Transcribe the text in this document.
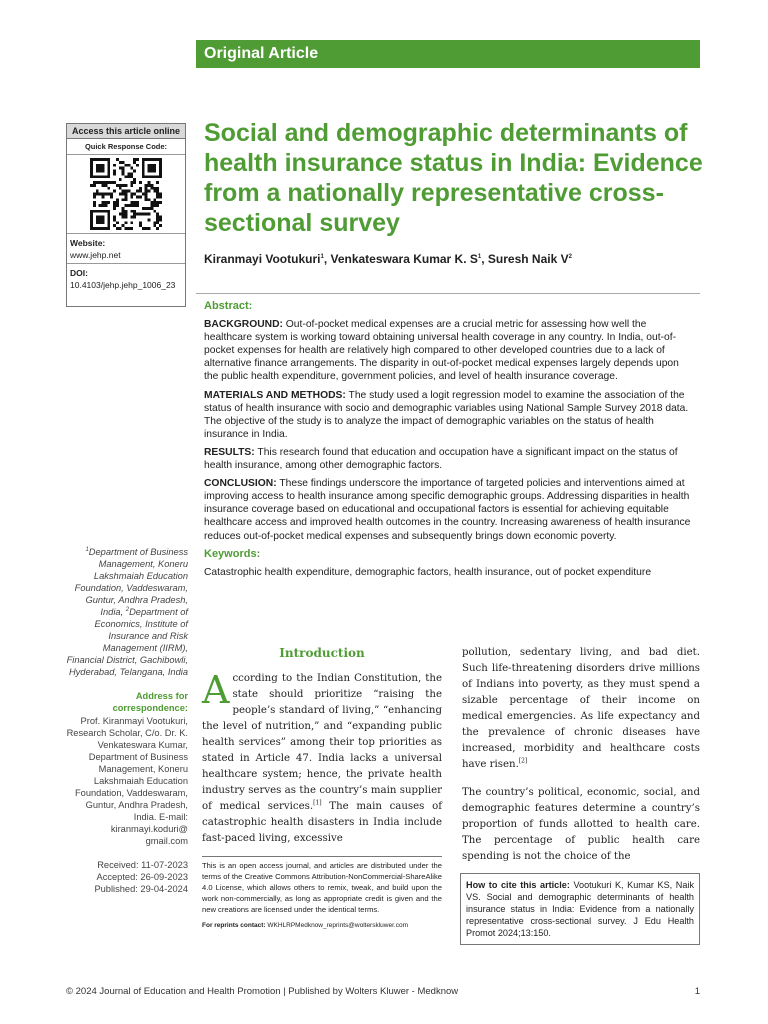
Original Article
Access this article online
Quick Response Code:
Website:
www.jehp.net
DOI:
10.4103/jehp.jehp_1006_23
Social and demographic determinants of health insurance status in India: Evidence from a nationally representative cross-sectional survey
Kiranmayi Vootukuri$^1$, Venkateswara Kumar K. $S^1$, Suresh Naik $V^2$
Abstract:

BACKGROUND: Out-of-pocket medical expenses are a crucial metric for assessing how well the healthcare system is working toward obtaining universal health coverage in any country. In India, out-of-pocket expenses for health are relatively high compared to other developed countries due to a lack of alternative finance arrangements. The disparity in out-of-pocket medical expenses largely depends upon the public health expenditure, government policies, and level of health insurance coverage.

MATERIALS AND METHODS: The study used a logit regression model to examine the association of the status of health insurance with socio and demographic variables using National Sample Survey 2018 data. The objective of the study is to analyze the impact of demographic variables on the status of health insurance in India.

RESULTS: This research found that education and occupation have a significant impact on the status of health insurance, among other demographic factors.

CONCLUSION: These findings underscore the importance of targeted policies and interventions aimed at improving access to health insurance among specific demographic groups. Addressing disparities in health insurance coverage based on educational and occupational factors is essential for achieving equitable healthcare access and improved health outcomes in the country. Increasing awareness of health insurance reduces out-of-pocket medical expenses and subsequently brings down economic poverty.

Keywords:

Catastrophic health expenditure, demographic factors, health insurance, out of pocket expenditure

$^1$Department of Business Management, Koneru Lakshmaiah Education Foundation, Vaddeswaram, Guntur, Andhra Pradesh, India, $^2$Department of Economics, Institute of Insurance and Risk Management (IIRM), Financial District, Gachibowli, Hyderabad, Telangana, India
Address for correspondence:
Prof. Kiranmayi Vootukuri, Research Scholar, C/o. Dr. K. Venkateswara Kumar, Department of Business Management, Koneru Lakshmaiah Education Foundation, Vaddeswaram, Guntur, Andhra Pradesh, India. E-mail: kiranmayi.koduri@ gmail.com
Received: 11-07-2023
Accepted: 26-09-2023
Published: 29-04-2024
Introduction

According to the Indian Constitution, the state should prioritize “raising the people’s standard of living,” “enhancing the level of nutrition,” and “expanding public health services” among their top priorities as stated in Article 47. India lacks a universal healthcare system; hence, the private health industry serves as the country’s main supplier of medical services.[1] The main causes of catastrophic health disasters in India include fast-paced living, excessive

pollution, sedentary living, and bad diet. Such life-threatening disorders drive millions of Indians into poverty, as they must spend a sizable percentage of their income on medical emergencies. As life expectancy and the prevalence of chronic diseases have increased, morbidity and healthcare costs have risen.[2]

The country’s political, economic, social, and demographic features determine a country’s proportion of funds allotted to health care. The percentage of public health care spending is not the choice of the

This is an open access journal, and articles are distributed under the terms of the Creative Commons Attribution-NonCommercial-ShareAlike 4.0 License, which allows others to remix, tweak, and build upon the work non-commercially, as long as appropriate credit is given and the new creations are licensed under the identical terms.
For reprints contact: WKHLRPMedknow_reprints@wolterskluwer.com
How to cite this article: Vootukuri K, Kumar KS, Naik VS. Social and demographic determinants of health insurance status in India: Evidence from a nationally representative cross-sectional survey. J Edu Health Promot 2024;13:150.
© 2024 Journal of Education and Health Promotion | Published by Wolters Kluwer - Medknow	1
